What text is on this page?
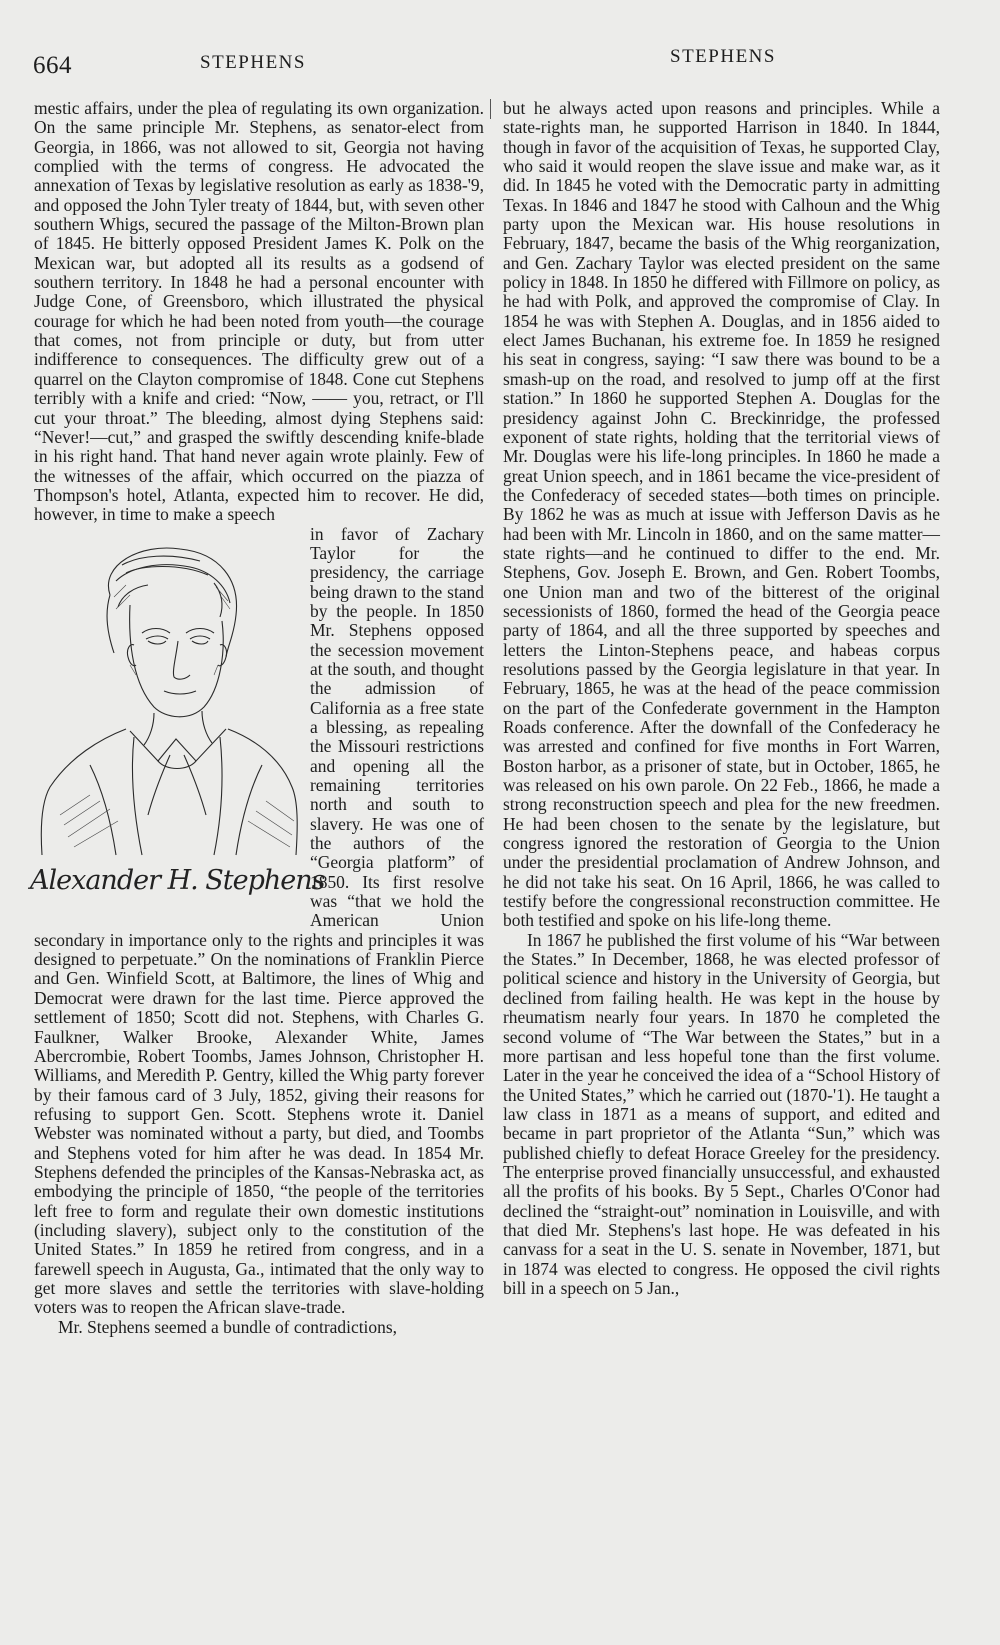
664	STEPHENS	STEPHENS

mestic affairs, under the plea of regulating its own organization. On the same principle Mr. Stephens, as senator-elect from Georgia, in 1866, was not allowed to sit, Georgia not having complied with the terms of congress. He advocated the annexation of Texas by legislative resolution as early as 1838-'9, and opposed the John Tyler treaty of 1844, but, with seven other southern Whigs, secured the passage of the Milton-Brown plan of 1845. He bitterly opposed President James K. Polk on the Mexican war, but adopted all its results as a godsend of southern territory. In 1848 he had a personal encounter with Judge Cone, of Greensboro, which illustrated the physical courage for which he had been noted from youth—the courage that comes, not from principle or duty, but from utter indifference to consequences. The difficulty grew out of a quarrel on the Clayton compromise of 1848. Cone cut Stephens terribly with a knife and cried: “Now, —— you, retract, or I'll cut your throat.” The bleeding, almost dying Stephens said: “Never!—cut,” and grasped the swiftly descending knife-blade in his right hand. That hand never again wrote plainly. Few of the witnesses of the affair, which occurred on the piazza of Thompson's hotel, Atlanta, expected him to recover. He did, however, in time to make a speech

Alexander H. Stephens

in favor of Zachary Taylor for the presidency, the carriage being drawn to the stand by the people. In 1850 Mr. Stephens opposed the secession movement at the south, and thought the admission of California as a free state a blessing, as repealing the Missouri restrictions and opening all the remaining territories north and south to slavery. He was one of the authors of the “Georgia platform” of 1850. Its first resolve was “that we hold the American Union secondary in importance only to the rights and principles it was designed to perpetuate.” On the nominations of Franklin Pierce and Gen. Winfield Scott, at Baltimore, the lines of Whig and Democrat were drawn for the last time. Pierce approved the settlement of 1850; Scott did not. Stephens, with Charles G. Faulkner, Walker Brooke, Alexander White, James Abercrombie, Robert Toombs, James Johnson, Christopher H. Williams, and Meredith P. Gentry, killed the Whig party forever by their famous card of 3 July, 1852, giving their reasons for refusing to support Gen. Scott. Stephens wrote it. Daniel Webster was nominated without a party, but died, and Toombs and Stephens voted for him after he was dead. In 1854 Mr. Stephens defended the principles of the Kansas-Nebraska act, as embodying the principle of 1850, “the people of the territories left free to form and regulate their own domestic institutions (including slavery), subject only to the constitution of the United States.” In 1859 he retired from congress, and in a farewell speech in Augusta, Ga., intimated that the only way to get more slaves and settle the territories with slave-holding voters was to reopen the African slave-trade.

Mr. Stephens seemed a bundle of contradictions,

but he always acted upon reasons and principles. While a state-rights man, he supported Harrison in 1840. In 1844, though in favor of the acquisition of Texas, he supported Clay, who said it would reopen the slave issue and make war, as it did. In 1845 he voted with the Democratic party in admitting Texas. In 1846 and 1847 he stood with Calhoun and the Whig party upon the Mexican war. His house resolutions in February, 1847, became the basis of the Whig reorganization, and Gen. Zachary Taylor was elected president on the same policy in 1848. In 1850 he differed with Fillmore on policy, as he had with Polk, and approved the compromise of Clay. In 1854 he was with Stephen A. Douglas, and in 1856 aided to elect James Buchanan, his extreme foe. In 1859 he resigned his seat in congress, saying: “I saw there was bound to be a smash-up on the road, and resolved to jump off at the first station.” In 1860 he supported Stephen A. Douglas for the presidency against John C. Breckinridge, the professed exponent of state rights, holding that the territorial views of Mr. Douglas were his life-long principles. In 1860 he made a great Union speech, and in 1861 became the vice-president of the Confederacy of seceded states—both times on principle. By 1862 he was as much at issue with Jefferson Davis as he had been with Mr. Lincoln in 1860, and on the same matter—state rights—and he continued to differ to the end. Mr. Stephens, Gov. Joseph E. Brown, and Gen. Robert Toombs, one Union man and two of the bitterest of the original secessionists of 1860, formed the head of the Georgia peace party of 1864, and all the three supported by speeches and letters the Linton-Stephens peace, and habeas corpus resolutions passed by the Georgia legislature in that year. In February, 1865, he was at the head of the peace commission on the part of the Confederate government in the Hampton Roads conference. After the downfall of the Confederacy he was arrested and confined for five months in Fort Warren, Boston harbor, as a prisoner of state, but in October, 1865, he was released on his own parole. On 22 Feb., 1866, he made a strong reconstruction speech and plea for the new freedmen. He had been chosen to the senate by the legislature, but congress ignored the restoration of Georgia to the Union under the presidential proclamation of Andrew Johnson, and he did not take his seat. On 16 April, 1866, he was called to testify before the congressional reconstruction committee. He both testified and spoke on his life-long theme.

In 1867 he published the first volume of his “War between the States.” In December, 1868, he was elected professor of political science and history in the University of Georgia, but declined from failing health. He was kept in the house by rheumatism nearly four years. In 1870 he completed the second volume of “The War between the States,” but in a more partisan and less hopeful tone than the first volume. Later in the year he conceived the idea of a “School History of the United States,” which he carried out (1870-'1). He taught a law class in 1871 as a means of support, and edited and became in part proprietor of the Atlanta “Sun,” which was published chiefly to defeat Horace Greeley for the presidency. The enterprise proved financially unsuccessful, and exhausted all the profits of his books. By 5 Sept., Charles O'Conor had declined the “straight-out” nomination in Louisville, and with that died Mr. Stephens's last hope. He was defeated in his canvass for a seat in the U. S. senate in November, 1871, but in 1874 was elected to congress. He opposed the civil rights bill in a speech on 5 Jan.,
